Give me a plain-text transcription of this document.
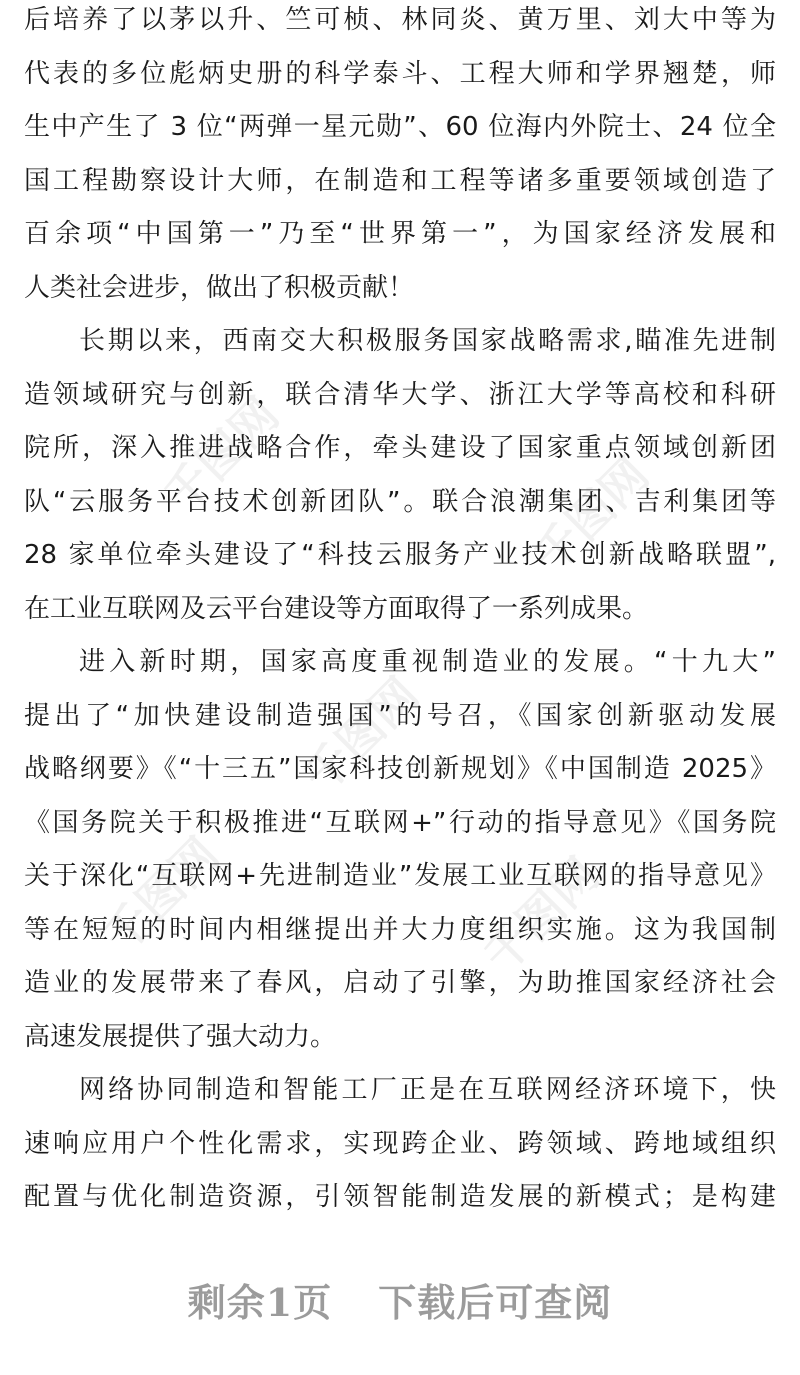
后培养了以茅以升、竺可桢、林同炎、黄万里、刘大中等为
代表的多位彪炳史册的科学泰斗、工程大师和学界翘楚，师
生中产生了 3 位“两弹一星元勋”、60 位海内外院士、24 位全
国工程勘察设计大师，在制造和工程等诸多重要领域创造了
百余项“中国第一”乃至“世界第一”，为国家经济发展和
人类社会进步，做出了积极贡献！
长期以来，西南交大积极服务国家战略需求,瞄准先进制
造领域研究与创新，联合清华大学、浙江大学等高校和科研
院所，深入推进战略合作，牵头建设了国家重点领域创新团
队“云服务平台技术创新团队”。联合浪潮集团、吉利集团等
28 家单位牵头建设了“科技云服务产业技术创新战略联盟”,
在工业互联网及云平台建设等方面取得了一系列成果。
进入新时期，国家高度重视制造业的发展。“十九大”
提出了“加快建设制造强国”的号召，《国家创新驱动发展
战略纲要》《“十三五”国家科技创新规划》《中国制造 2025》
《国务院关于积极推进“互联网+”行动的指导意见》《国务院
关于深化“互联网+先进制造业”发展工业互联网的指导意见》
等在短短的时间内相继提出并大力度组织实施。这为我国制
造业的发展带来了春风，启动了引擎，为助推国家经济社会
高速发展提供了强大动力。
网络协同制造和智能工厂正是在互联网经济环境下，快
速响应用户个性化需求，实现跨企业、跨领域、跨地域组织
配置与优化制造资源，引领智能制造发展的新模式；是构建
千图网
千图网
千图网	千图网
千图网
剩余1页 下载后可查阅
